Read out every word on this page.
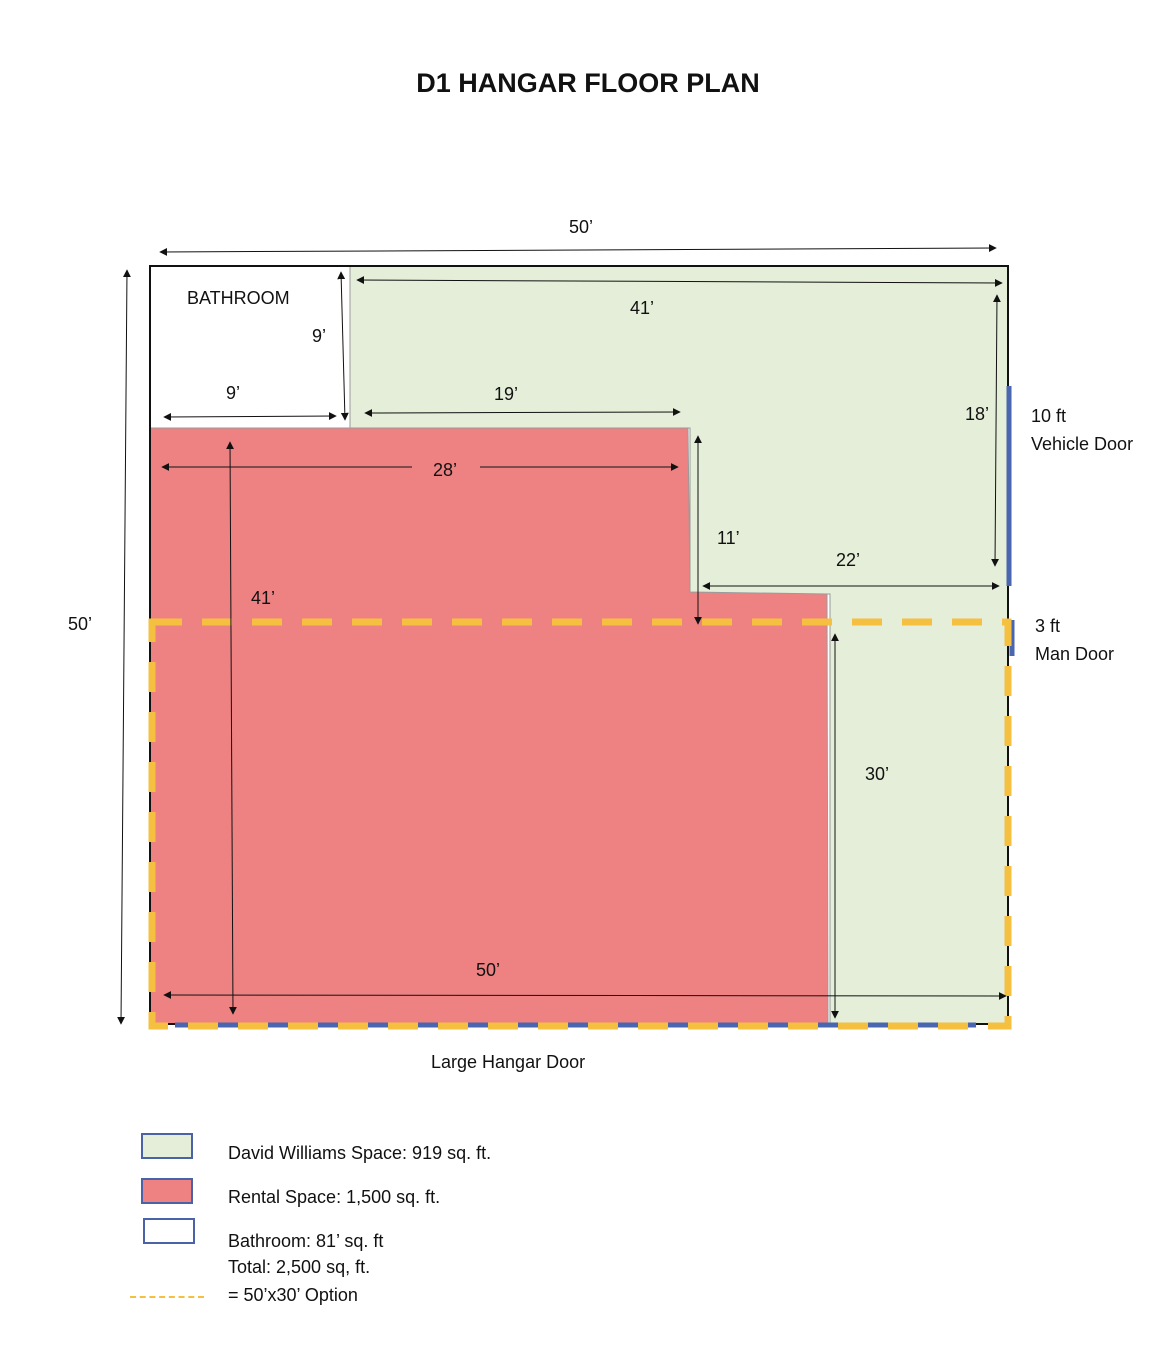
D1 HANGAR FLOOR PLAN
BATHROOM
50’
50’
41’
9’
9’	19’
28’
41’
18’
11’
22’
30’
50’
10 ft
Vehicle Door
3 ft
Man Door
Large Hangar Door
David Williams Space: 919 sq. ft.
Rental Space: 1,500 sq. ft.
Bathroom: 81’ sq. ft
Total: 2,500 sq, ft.
= 50’x30’ Option
